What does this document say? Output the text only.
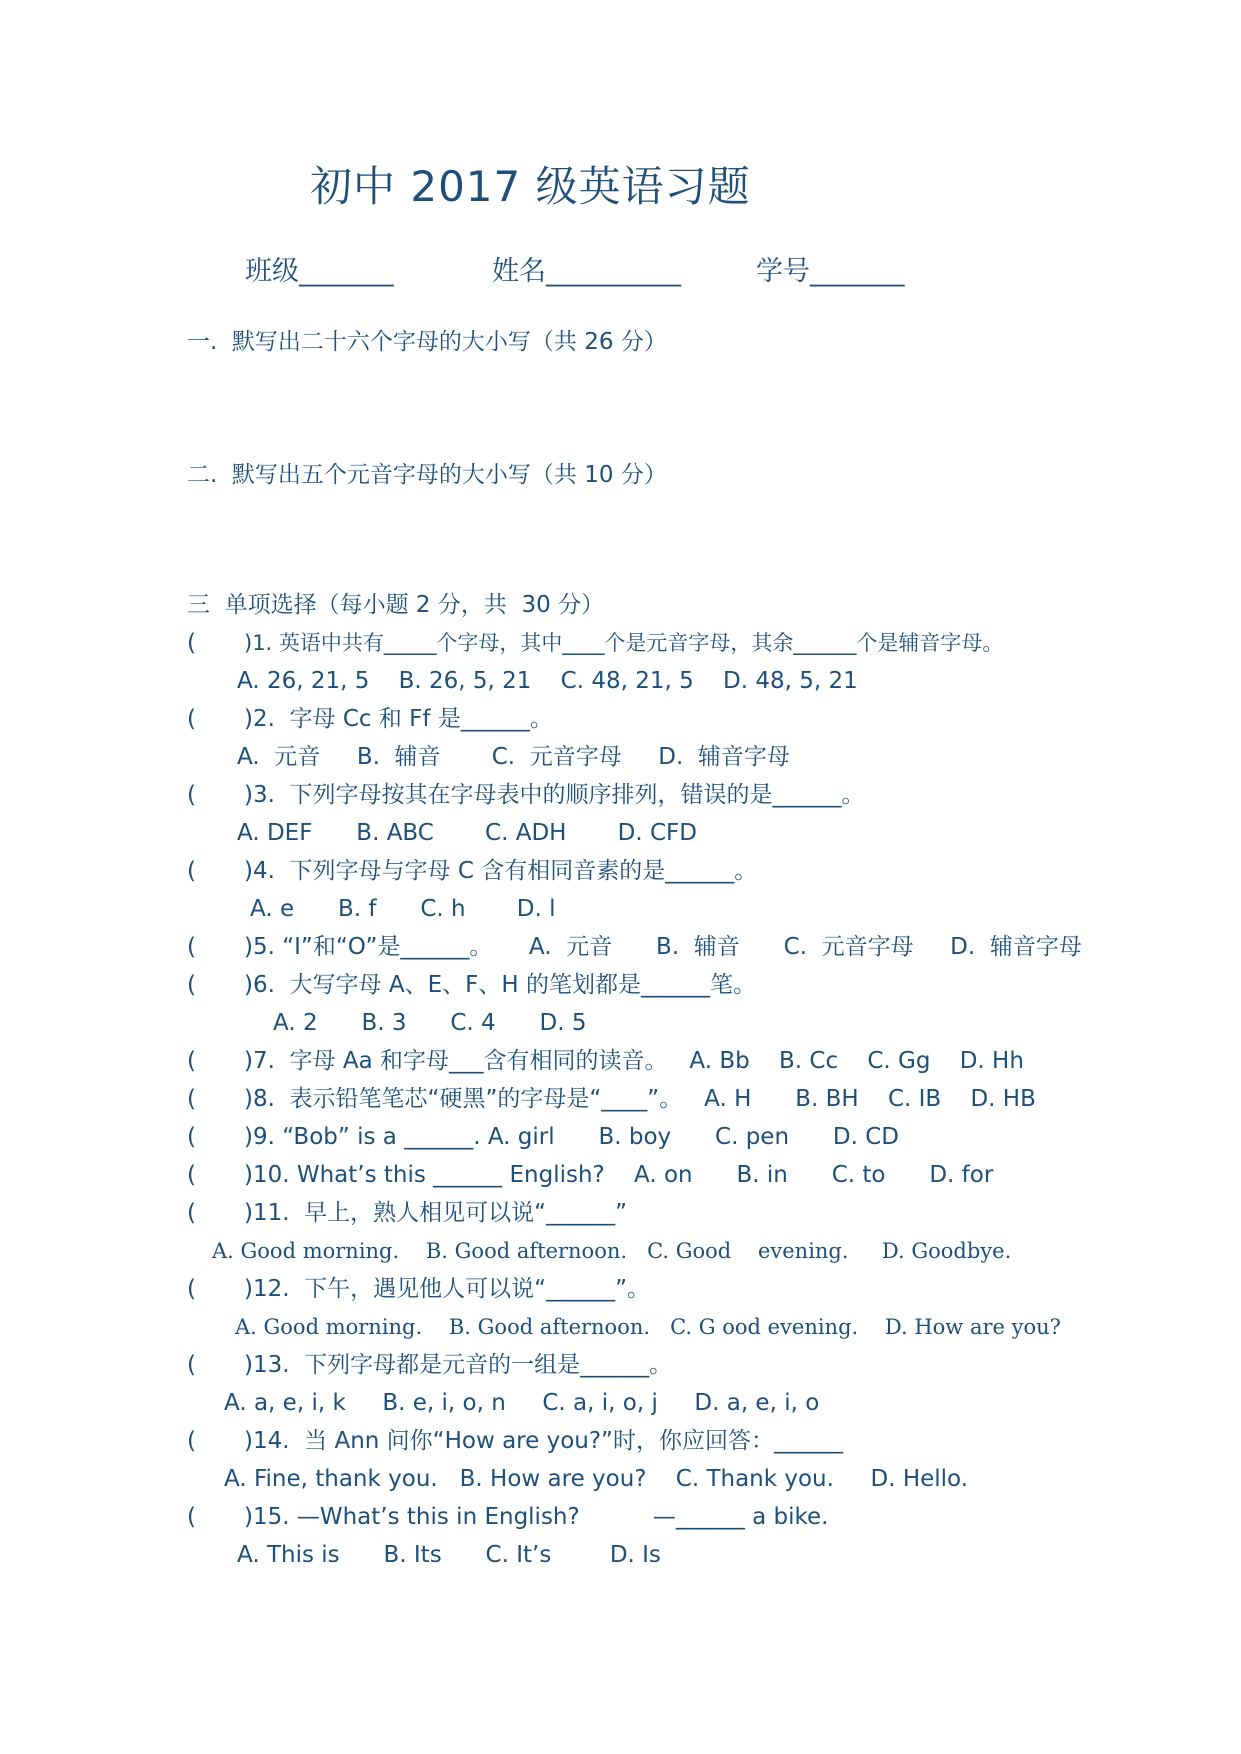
初中 2017 级英语习题
班级_______	姓名__________	学号_______
一.  默写出二十六个字母的大小写（共 26 分）
二.  默写出五个元音字母的大小写（共 10 分）
三  单项选择（每小题 2 分，共  30 分）
( )1. 英语中共有_____个字母，其中____个是元音字母，其余______个是辅音字母。
A. 26, 21, 5    B. 26, 5, 21    C. 48, 21, 5    D. 48, 5, 21
( )2.  字母 Cc 和 Ff 是______。
A.  元音     B.  辅音       C.  元音字母     D.  辅音字母
( )3.  下列字母按其在字母表中的顺序排列，错误的是______。
A. DEF      B. ABC       C. ADH       D. CFD
( )4.  下列字母与字母 C 含有相同音素的是______。
A. e      B. f      C. h       D. l
( )5. “I”和“O”是______。     A.  元音      B.  辅音      C.  元音字母     D.  辅音字母
( )6.  大写字母 A、E、F、H 的笔划都是______笔。
A. 2      B. 3      C. 4      D. 5
( )7.  字母 Aa 和字母___含有相同的读音。   A. Bb    B. Cc    C. Gg    D. Hh
( )8.  表示铅笔笔芯“硬黑”的字母是“____”。   A. H      B. BH    C. IB    D. HB
( )9. “Bob” is a ______. A. girl      B. boy      C. pen      D. CD
( )10. What’s this ______ English?    A. on      B. in      C. to      D. for
( )11.  早上，熟人相见可以说“______”
A. Good morning.    B. Good afternoon.   C. Good    evening.     D. Goodbye.
( )12.  下午，遇见他人可以说“______”。
A. Good morning.    B. Good afternoon.   C. G ood evening.    D. How are you?
( )13.  下列字母都是元音的一组是______。
A. a, e, i, k     B. e, i, o, n     C. a, i, o, j     D. a, e, i, o
( )14.  当 Ann 问你“How are you?”时，你应回答：______
A. Fine, thank you.   B. How are you?    C. Thank you.     D. Hello.
( )15. —What’s this in English?          —______ a bike.
A. This is      B. Its      C. It’s        D. Is
